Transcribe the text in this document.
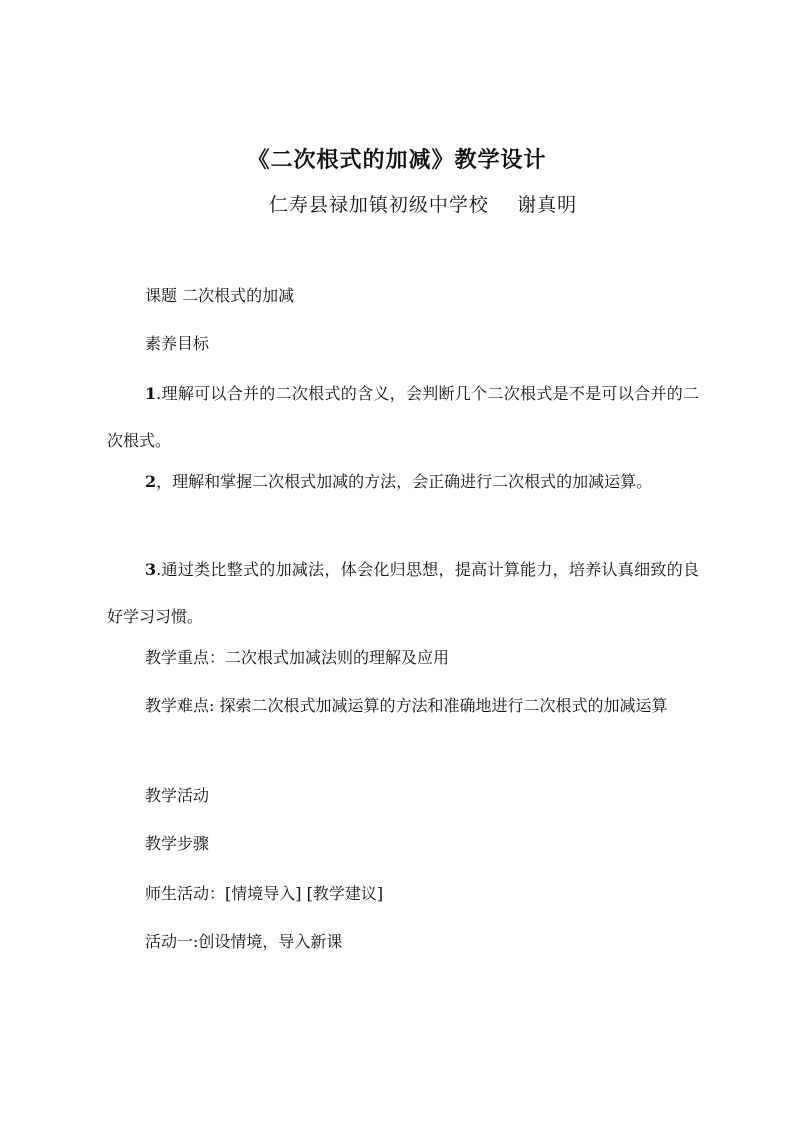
《二次根式的加减》教学设计
仁寿县禄加镇初级中学校    谢真明

课题 二次根式的加减

素养目标

1.理解可以合并的二次根式的含义，会判断几个二次根式是不是可以合并的二次根式。

2，理解和掌握二次根式加减的方法，会正确进行二次根式的加减运算。

3.通过类比整式的加减法，体会化归思想，提高计算能力，培养认真细致的良好学习习惯。

教学重点：二次根式加减法则的理解及应用

教学难点: 探索二次根式加减运算的方法和准确地进行二次根式的加减运算

教学活动

教学步骤

师生活动：[情境导入] [教学建议]

活动一:创设情境，导入新课
